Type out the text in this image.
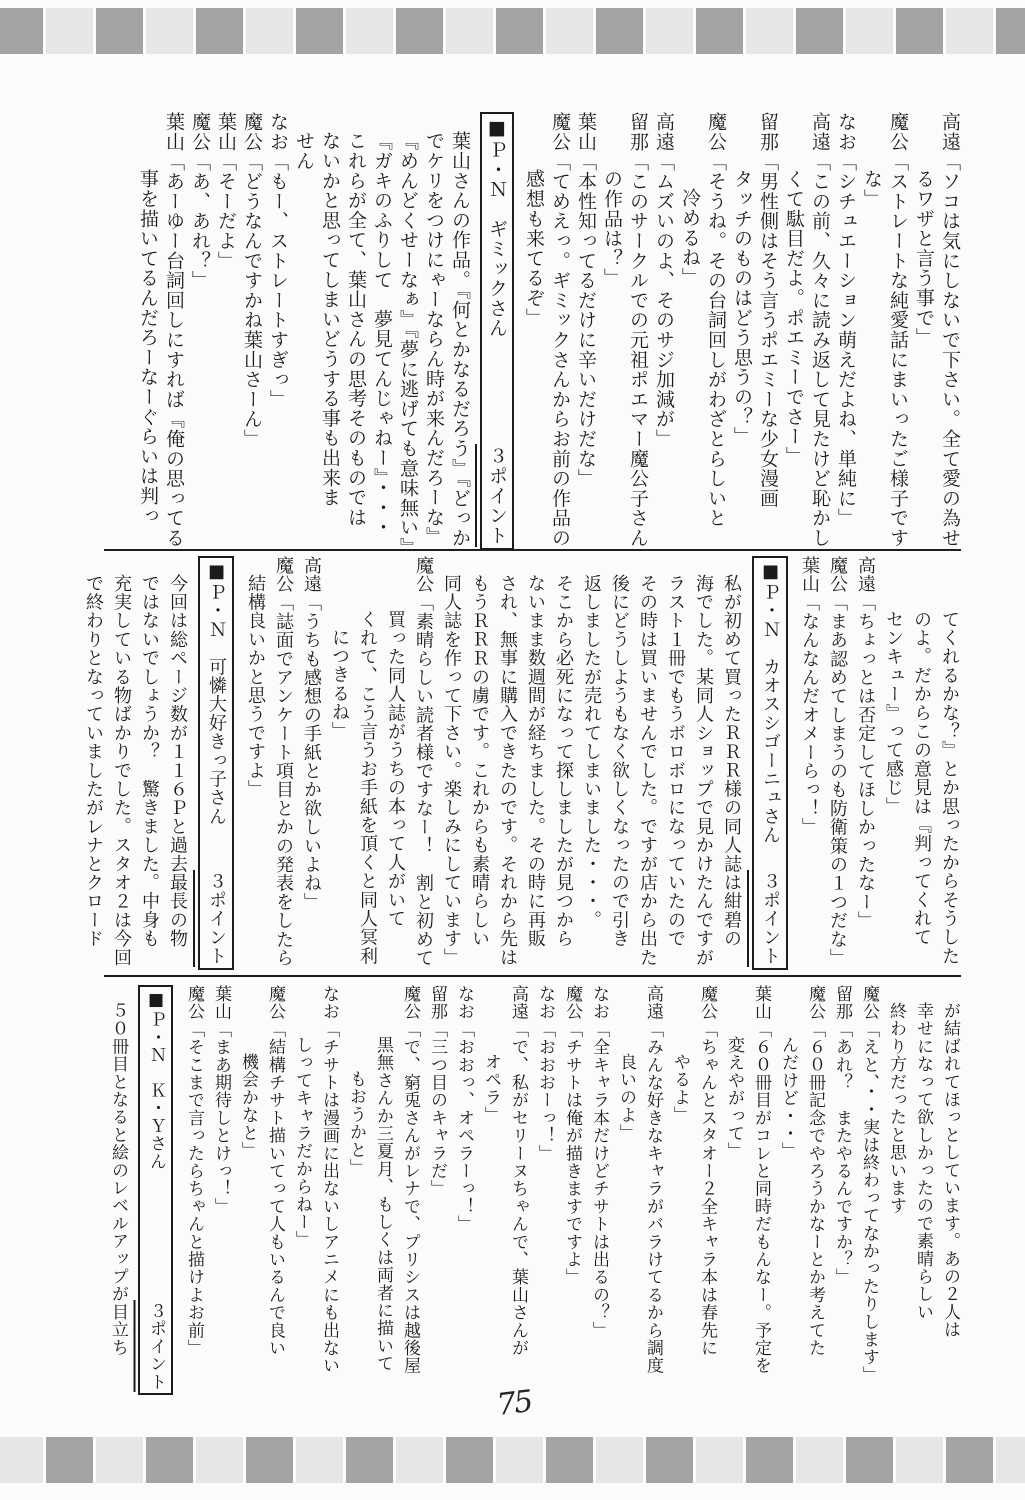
高遠「ソコは気にしないで下さい。全て愛の為せ

るワザと言う事で」

魔公「ストレートな純愛話にまいったご様子です

な」

なお「シチュエーション萌えだよね、単純に」

高遠「この前、久々に読み返して見たけど恥かし

くて駄目だよ。ポエミーでさー」

留那「男性側はそう言うポエミーな少女漫画

タッチのものはどう思うの？」

魔公「そうね。その台詞回しがわざとらしいと

冷めるね」

高遠「ムズいのよ、そのサジ加減が」

留那「このサークルでの元祖ポエマー魔公子さん

の作品は？」

葉山「本性知ってるだけに辛いだけだな」

魔公「てめえっ。ギミックさんからお前の作品の

感想も来てるぞ」

■Ｐ・Ｎ　ギミックさん
３ポイント

葉山さんの作品。『何とかなるだろう』『どっか

でケリをつけにゃーならん時が来んだろーな』

『めんどくせーなぁ』『夢に逃げても意味無い』

『ガキのふりして　夢見てんじゃねー』・・・

これらが全て、葉山さんの思考そのものでは

ないかと思ってしまいどうする事も出来ま

せん

なお「もー、ストレートすぎっ」

魔公「どうなんですかね葉山さーん」

葉山「そーだよ」

魔公「あ、あれ？」

葉山「あーゆー台詞回しにすれば『俺の思ってる

事を描いてるんだろーなーぐらいは判っ

てくれるかな？』とか思ったからそうした

のよ。だからこの意見は『判ってくれて

センキュー』って感じ」

高遠「ちょっとは否定してほしかったなー」

魔公「まあ認めてしまうのも防衛策の１つだな」

葉山「なんなんだオメーらっ！」

■Ｐ・Ｎ　カオスシゴーニュさん
３ポイント

私が初めて買ったＲＲＲ様の同人誌は紺碧の

海でした。某同人ショップで見かけたんですが

ラスト１冊でもうボロボロになっていたので

その時は買いませんでした。ですが店から出た

後にどうしようもなく欲しくなったので引き

返しましたが売れてしまいました・・・。

そこから必死になって探しましたが見つから

ないまま数週間が経ちました。その時に再販

され、無事に購入できたのです。それから先は

もうＲＲＲの虜です。これからも素晴らしい

同人誌を作って下さい。楽しみにしています」

魔公「素晴らしい読者様ですなー！　割と初めて

買った同人誌がうちの本って人がいて

くれて、こう言うお手紙を頂くと同人冥利

につきるね」

高遠「うちも感想の手紙とか欲しいよね」

魔公「誌面でアンケート項目とかの発表をしたら

結構良いかと思うですよ」

■Ｐ・Ｎ　可憐大好きっ子さん
３ポイント

今回は総ページ数が１１６Ｐと過去最長の物

ではないでしょうか？　驚きました。中身も

充実している物ばかりでした。スタオ２は今回

で終わりとなっていましたがレナとクロード

が結ばれてほっとしています。あの２人は

幸せになって欲しかったので素晴らしい

終わり方だったと思います

魔公「えと、・・実は終わってなかったりします」

留那「あれ？　またやるんですか？」

魔公「６０冊記念でやろうかなーとか考えてた

んだけど・・」

葉山「６０冊目がコレと同時だもんなー。予定を

変えやがって」

魔公「ちゃんとスタオー２全キャラ本は春先に

やるよ」

高遠「みんな好きなキャラがバラけてるから調度

良いのよ」

なお「全キャラ本だけどチサトは出るの？」

魔公「チサトは俺が描きますですよ」

なお「おおおーっ！」

高遠「で、私がセリーヌちゃんで、葉山さんが

オペラ」

なお「おおっ、オペラーっ！」

留那「三つ目のキャラだ」

魔公「で、窮兎さんがレナで、プリシスは越後屋

黒無さんか三夏月、もしくは両者に描いて

もおうかと」

なお「チサトは漫画に出ないしアニメにも出ない

しってキャラだからねー」

魔公「結構チサト描いてって人もいるんで良い

機会かなと」

葉山「まあ期待しとけっ！」

魔公「そこまで言ったらちゃんと描けよお前」

■Ｐ・Ｎ　Ｋ・Ｙさん
３ポイント

５０冊目となると絵のレベルアップが目立ち

75
